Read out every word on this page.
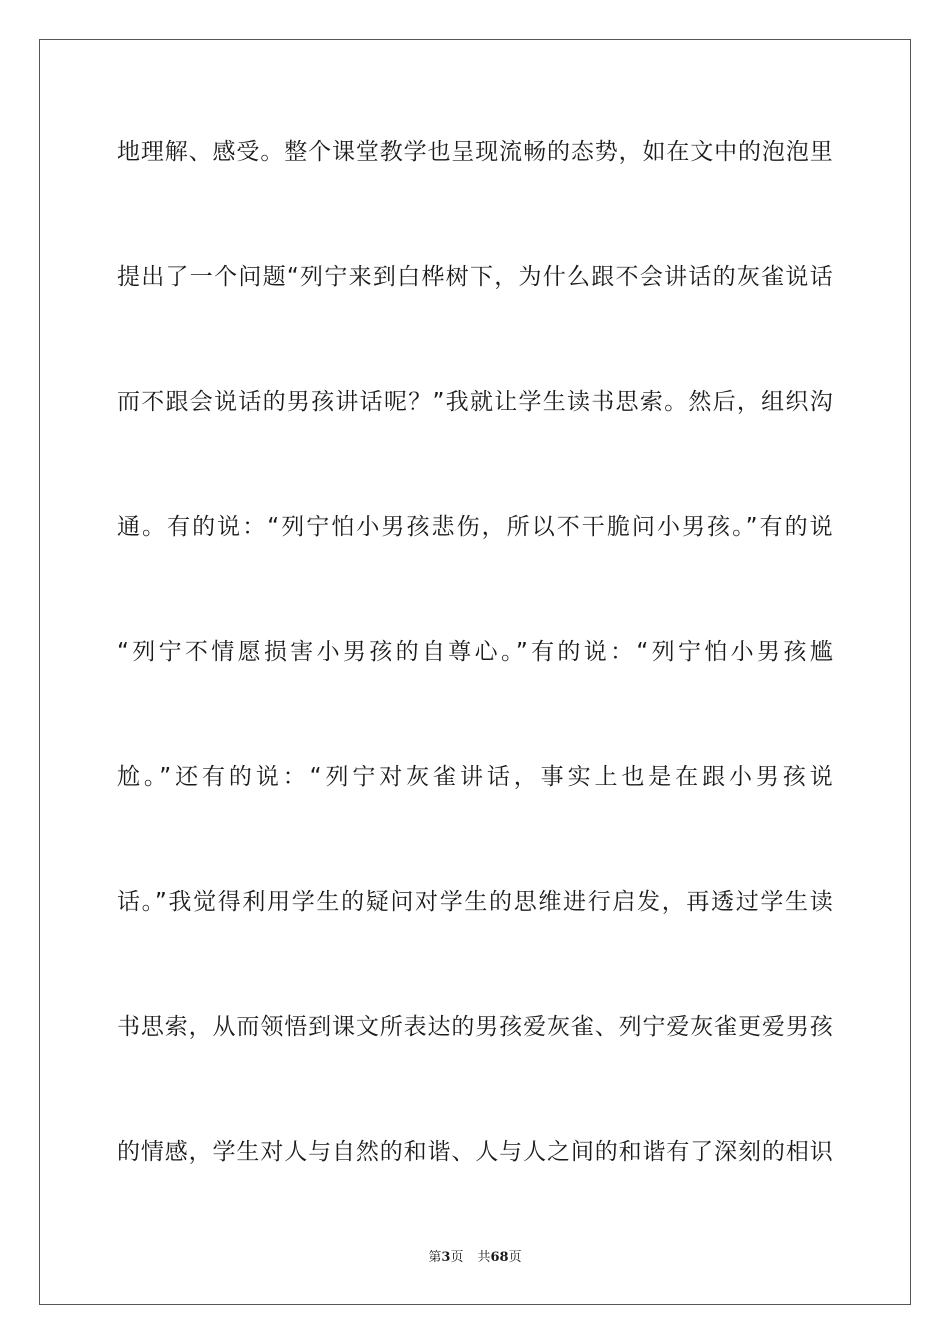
地理解、感受。整个课堂教学也呈现流畅的态势，如在文中的泡泡里
提出了一个问题“列宁来到白桦树下，为什么跟不会讲话的灰雀说话
而不跟会说话的男孩讲话呢？”我就让学生读书思索。然后，组织沟
通。有的说：“列宁怕小男孩悲伤，所以不干脆问小男孩。”有的说
“列宁不情愿损害小男孩的自尊心。”有的说：“列宁怕小男孩尴
尬。”还有的说：“列宁对灰雀讲话，事实上也是在跟小男孩说
话。”我觉得利用学生的疑问对学生的思维进行启发，再透过学生读
书思索，从而领悟到课文所表达的男孩爱灰雀、列宁爱灰雀更爱男孩
的情感，学生对人与自然的和谐、人与人之间的和谐有了深刻的相识
第3页 共68页
